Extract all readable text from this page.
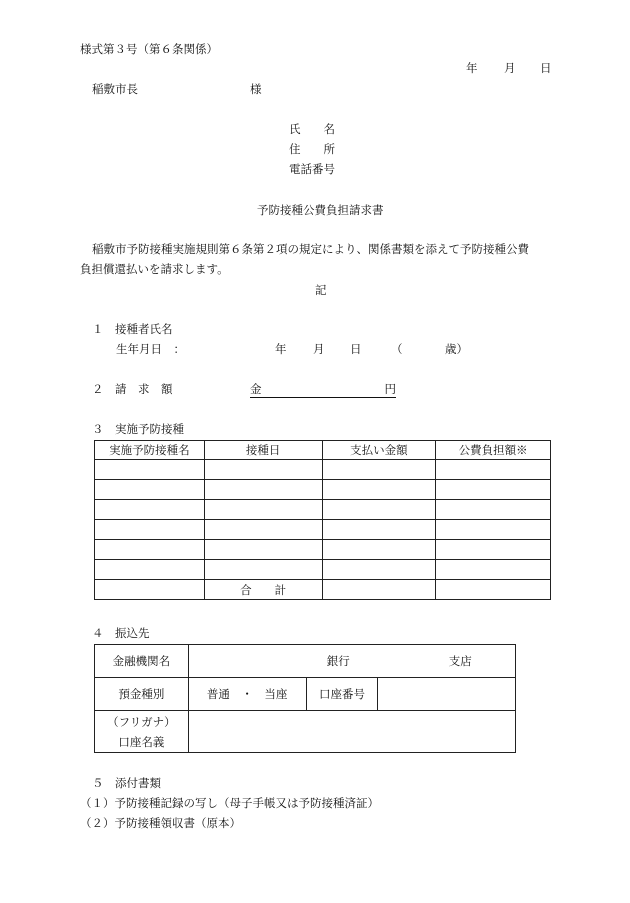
様式第３号（第６条関係）
年 月 日
稲敷市長	様
氏　　名
住　　所
電話番号
予防接種公費負担請求書
稲敷市予防接種実施規則第６条第２項の規定により、関係書類を添えて予防接種公費
負担償還払いを請求します。
記
１　接種者氏名
生年月日　：	年 月 日	（	歳）
２　請　求　額	金	円
３　実施予防接種
実施予防接種名	接種日	支払い金額	公費負担額※

	合　　計		
４　振込先
金融機関名	銀行 支店		

預金種別	普通　・　当座	口座番号	

（フリガナ）
口座名義			

５　添付書類
（１）予防接種記録の写し（母子手帳又は予防接種済証）
（２）予防接種領収書（原本）
